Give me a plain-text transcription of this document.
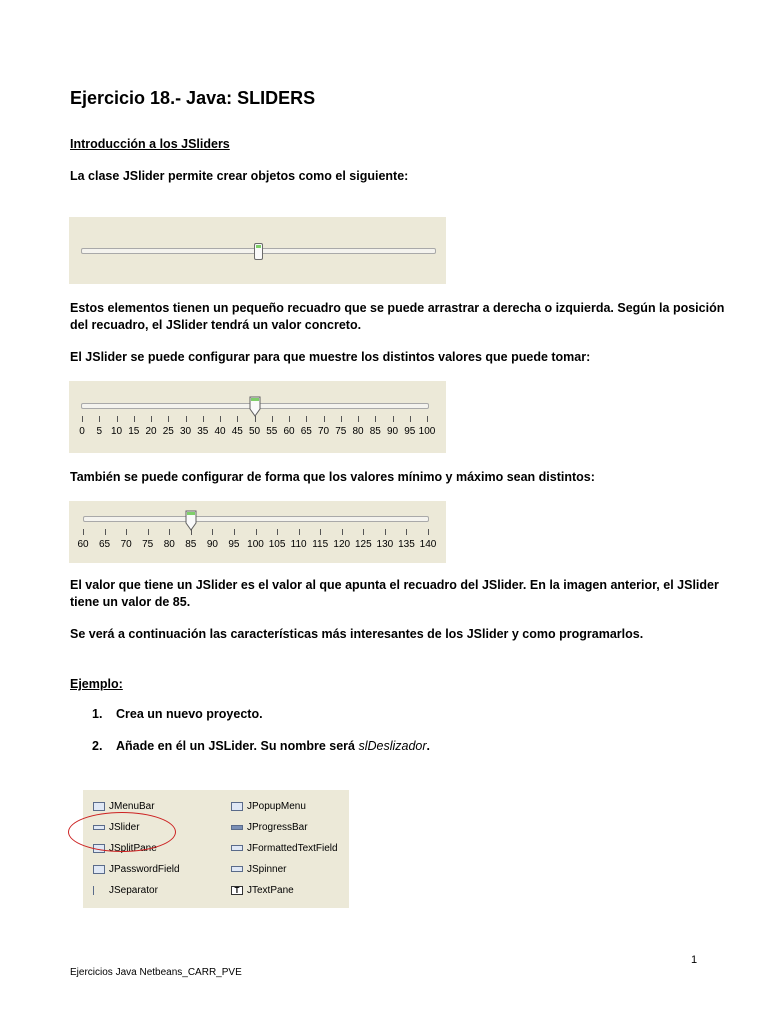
Ejercicio 18.- Java: SLIDERS
Introducción a los JSliders
La clase JSlider permite crear objetos como el siguiente:
Estos elementos tienen un pequeño recuadro que se puede arrastrar a derecha o izquierda. Según la posición
del recuadro, el JSlider tendrá un valor concreto.
El JSlider se puede configurar para que muestre los distintos valores que puede tomar:
0 5 10 15 20 25 30 35 40 45 50 55 60 65 70 75 80 85 90 95 100
También se puede configurar de forma que los valores mínimo y máximo sean distintos:
60 65 70 75 80 85 90 95 100 105 110 115 120 125 130 135 140
El valor que tiene un JSlider es el valor al que apunta el recuadro del JSlider. En la imagen anterior, el JSlider
tiene un valor de 85.
Se verá a continuación las características más interesantes de los JSlider y como programarlos.
Ejemplo:
1. Crea un nuevo proyecto.
2. Añade en él un JSLider. Su nombre será slDeslizador.
JMenuBar
JSlider
JSplitPane
JPasswordField
JSeparator
JPopupMenu
JProgressBar
JFormattedTextField
JSpinner
T JTextPane
1
Ejercicios Java Netbeans_CARR_PVE
